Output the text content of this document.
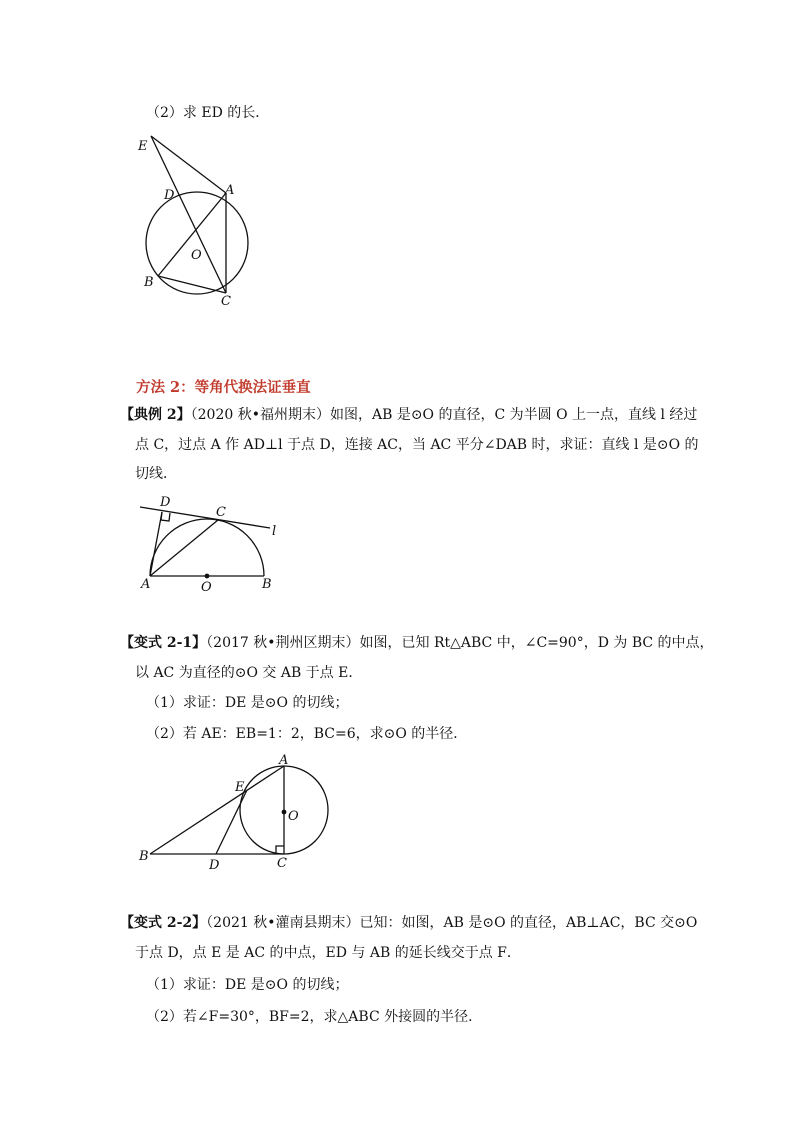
（2）求 ED 的长．
E
D	A
O
B
C
方法 2：等角代换法证垂直
【典例 2】（2020 秋•福州期末）如图，AB 是⊙O 的直径，C 为半圆 O 上一点，直线 l 经过
点 C，过点 A 作 AD⊥l 于点 D，连接 AC，当 AC 平分∠DAB 时，求证：直线 l 是⊙O 的
切线．
D
C
l
A	O	B
【变式 2-1】（2017 秋•荆州区期末）如图，已知 Rt△ABC 中，∠C=90°，D 为 BC 的中点，
以 AC 为直径的⊙O 交 AB 于点 E．
（1）求证：DE 是⊙O 的切线；
（2）若 AE：EB=1：2，BC=6，求⊙O 的半径．
A
E
O
B
D	C
【变式 2-2】（2021 秋•灌南县期末）已知：如图，AB 是⊙O 的直径，AB⊥AC，BC 交⊙O
于点 D，点 E 是 AC 的中点，ED 与 AB 的延长线交于点 F．
（1）求证：DE 是⊙O 的切线；
（2）若∠F=30°，BF=2，求△ABC 外接圆的半径．
